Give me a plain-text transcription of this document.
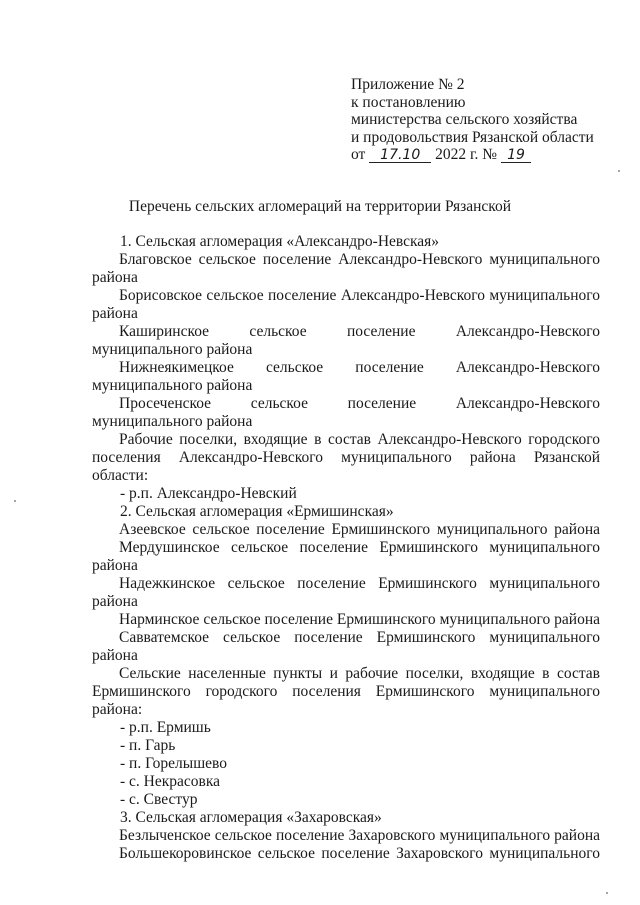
Приложение № 2
к постановлению
министерства сельского хозяйства
и продовольствия Рязанской области
от 17.10 2022 г. № 19
Перечень сельских агломераций на территории Рязанской

1. Сельская агломерация «Александро-Невская»

Благовское сельское поселение Александро-Невского муниципального

района

Борисовское сельское поселение Александро-Невского муниципального

района

Каширинское сельское поселение Александро-Невского

муниципального района

Нижнеякимецкое сельское поселение Александро-Невского

муниципального района

Просеченское сельское поселение Александро-Невского

муниципального района

Рабочие поселки, входящие в состав Александро-Невского городского поселения Александро-Невского муниципального района Рязанской области:

- р.п. Александро-Невский

2. Сельская агломерация «Ермишинская»

Азеевское сельское поселение Ермишинского муниципального района

Мердушинское сельское поселение Ермишинского муниципального

района

Надежкинское сельское поселение Ермишинского муниципального

района

Нарминское сельское поселение Ермишинского муниципального района

Савватемское сельское поселение Ермишинского муниципального

района

Сельские населенные пункты и рабочие поселки, входящие в состав Ермишинского городского поселения Ермишинского муниципального района:

- р.п. Ермишь

- п. Гарь

- п. Горелышево

- с. Некрасовка

- с. Свестур

3. Сельская агломерация «Захаровская»

Безлыченское сельское поселение Захаровского муниципального района

Большекоровинское сельское поселение Захаровского муниципального
